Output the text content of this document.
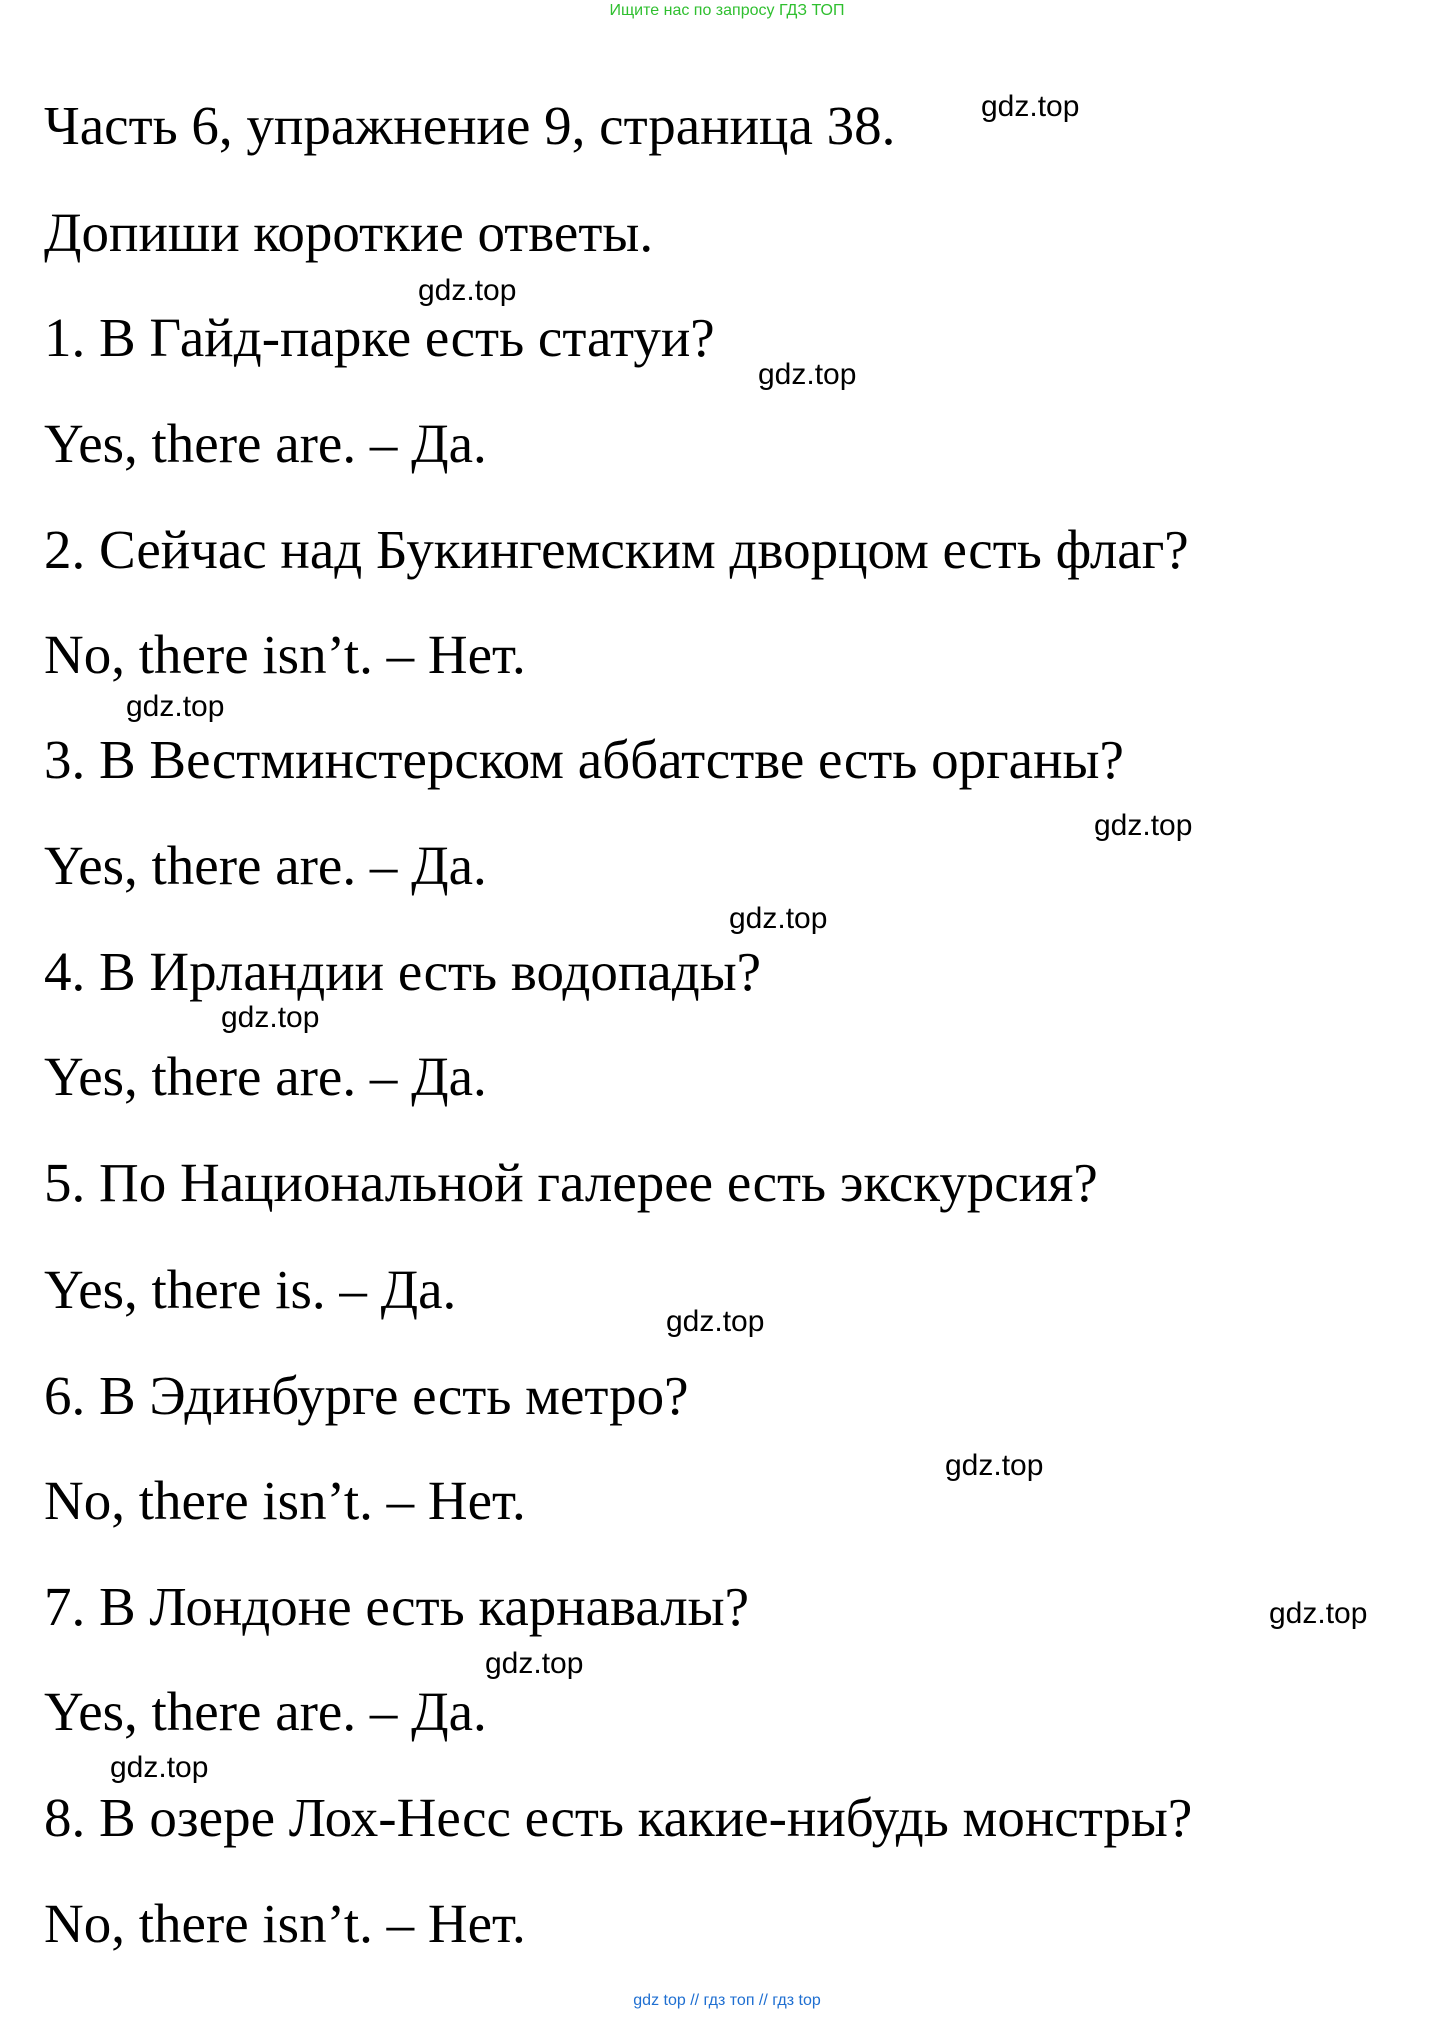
Ищите нас по запросу ГДЗ ТОП
Часть 6, упражнение 9, страница 38.
Допиши короткие ответы.
1. В Гайд-парке есть статуи?
Yes, there are. – Да.
2. Сейчас над Букингемским дворцом есть флаг?
No, there isn’t. – Нет.
3. В Вестминстерском аббатстве есть органы?
Yes, there are. – Да.
4. В Ирландии есть водопады?
Yes, there are. – Да.
5. По Национальной галерее есть экскурсия?
Yes, there is. – Да.
6. В Эдинбурге есть метро?
No, there isn’t. – Нет.
7. В Лондоне есть карнавалы?
Yes, there are. – Да.
8. В озере Лох-Несс есть какие-нибудь монстры?
No, there isn’t. – Нет.
gdz.top
gdz.top
gdz.top
gdz.top
gdz.top
gdz.top
gdz.top
gdz.top
gdz.top
gdz.top
gdz.top
gdz.top
gdz top // гдз топ // гдз top
